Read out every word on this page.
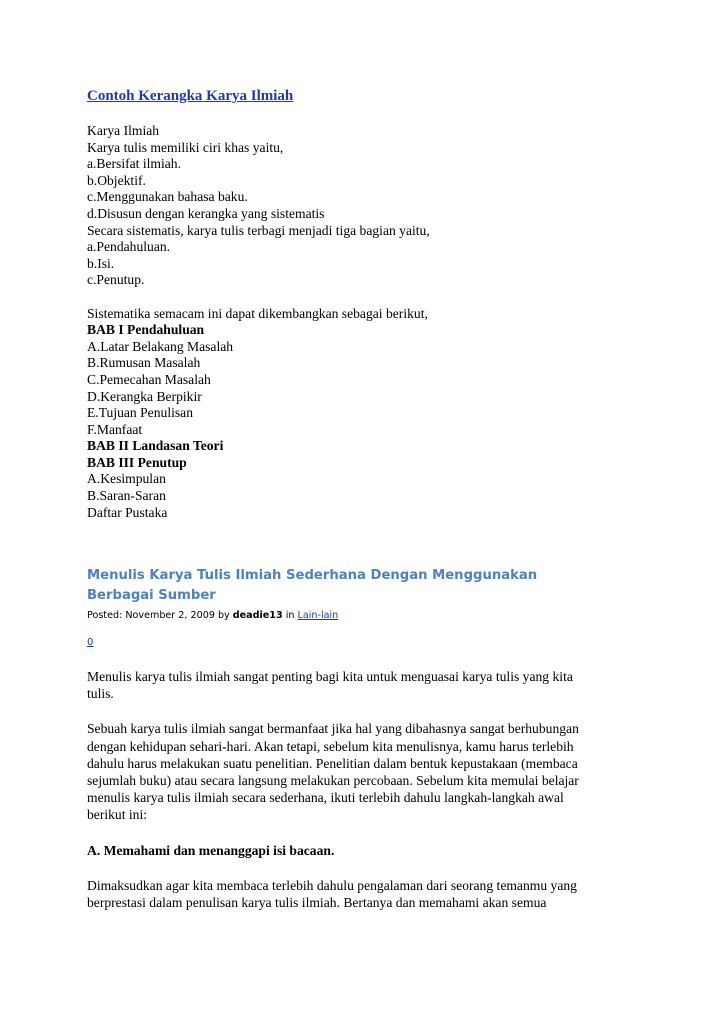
Contoh Kerangka Karya Ilmiah
Karya Ilmiah
Karya tulis memiliki ciri khas yaitu,
a.Bersifat ilmiah.
b.Objektif.
c.Menggunakan bahasa baku.
d.Disusun dengan kerangka yang sistematis
Secara sistematis, karya tulis terbagi menjadi tiga bagian yaitu,
a.Pendahuluan.
b.Isi.
c.Penutup.
Sistematika semacam ini dapat dikembangkan sebagai berikut,
BAB I Pendahuluan
A.Latar Belakang Masalah
B.Rumusan Masalah
C.Pemecahan Masalah
D.Kerangka Berpikir
E.Tujuan Penulisan
F.Manfaat
BAB II Landasan Teori
BAB III Penutup
A.Kesimpulan
B.Saran-Saran
Daftar Pustaka
Menulis Karya Tulis Ilmiah Sederhana Dengan Menggunakan
Berbagai Sumber
Posted: November 2, 2009 by deadie13 in Lain-lain
0
Menulis karya tulis ilmiah sangat penting bagi kita untuk menguasai karya tulis yang kita
tulis.
Sebuah karya tulis ilmiah sangat bermanfaat jika hal yang dibahasnya sangat berhubungan
dengan kehidupan sehari-hari. Akan tetapi, sebelum kita menulisnya, kamu harus terlebih
dahulu harus melakukan suatu penelitian. Penelitian dalam bentuk kepustakaan (membaca
sejumlah buku) atau secara langsung melakukan percobaan. Sebelum kita memulai belajar
menulis karya tulis ilmiah secara sederhana, ikuti terlebih dahulu langkah-langkah awal
berikut ini:
A. Memahami dan menanggapi isi bacaan.
Dimaksudkan agar kita membaca terlebih dahulu pengalaman dari seorang temanmu yang
berprestasi dalam penulisan karya tulis ilmiah. Bertanya dan memahami akan semua
